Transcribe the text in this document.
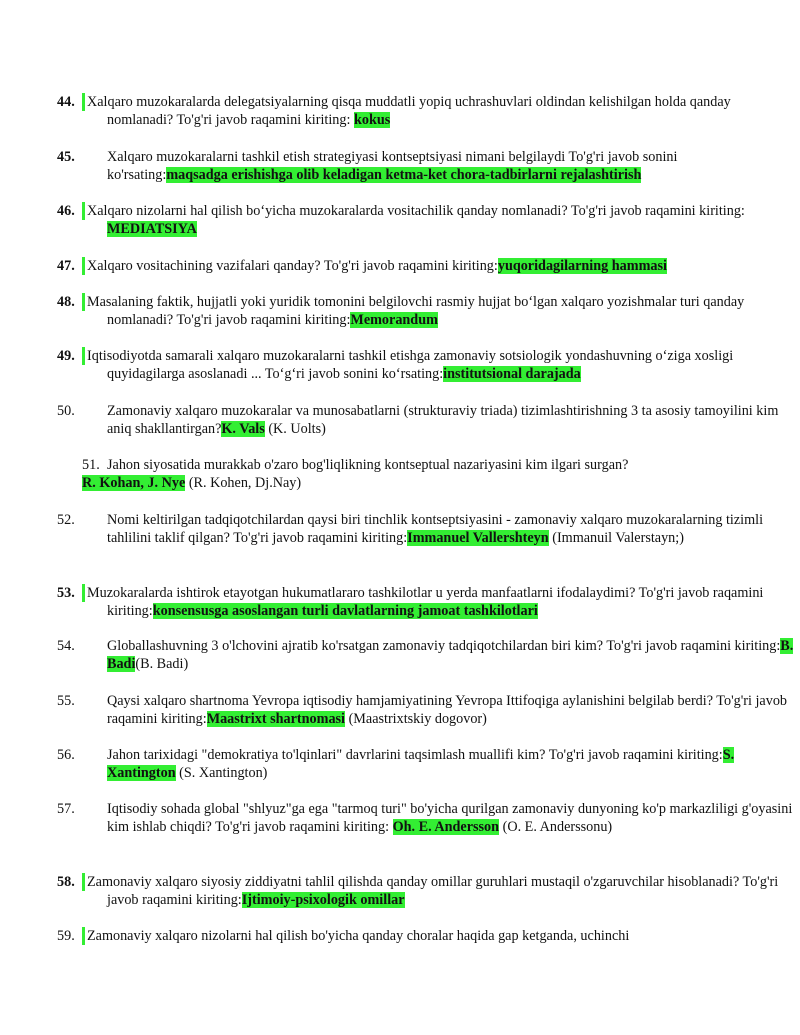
44. Xalqaro muzokaralarda delegatsiyalarning qisqa muddatli yopiq uchrashuvlari oldindan kelishilgan holda qanday nomlanadi? To'g'ri javob raqamini kiriting: kokus
45. Xalqaro muzokaralarni tashkil etish strategiyasi kontseptsiyasi nimani belgilaydi To'g'ri javob sonini ko'rsating:maqsadga erishishga olib keladigan ketma-ket chora-tadbirlarni rejalashtirish
46. Xalqaro nizolarni hal qilish bo‘yicha muzokaralarda vositachilik qanday nomlanadi? To'g'ri javob raqamini kiriting: MEDIATSIYA
47. Xalqaro vositachining vazifalari qanday? To'g'ri javob raqamini kiriting:yuqoridagilarning hammasi
48. Masalaning faktik, hujjatli yoki yuridik tomonini belgilovchi rasmiy hujjat bo‘lgan xalqaro yozishmalar turi qanday nomlanadi? To'g'ri javob raqamini kiriting:Memorandum
49. Iqtisodiyotda samarali xalqaro muzokaralarni tashkil etishga zamonaviy sotsiologik yondashuvning o‘ziga xosligi quyidagilarga asoslanadi ... To‘g‘ri javob sonini ko‘rsating:institutsional darajada
50. Zamonaviy xalqaro muzokaralar va munosabatlarni (strukturaviy triada) tizimlashtirishning 3 ta asosiy tamoyilini kim aniq shakllantirgan?K. Vals (K. Uolts)
51. Jahon siyosatida murakkab o'zaro bog'liqlikning kontseptual nazariyasini kim ilgari surgan?
R. Kohan, J. Nye (R. Kohen, Dj.Nay)
52. Nomi keltirilgan tadqiqotchilardan qaysi biri tinchlik kontseptsiyasini - zamonaviy xalqaro muzokaralarning tizimli tahlilini taklif qilgan? To'g'ri javob raqamini kiriting:Immanuel Vallershteyn (Immanuil Valerstayn;)
53. Muzokaralarda ishtirok etayotgan hukumatlararo tashkilotlar u yerda manfaatlarni ifodalaydimi? To'g'ri javob raqamini kiriting:konsensusga asoslangan turli davlatlarning jamoat tashkilotlari
54. Globallashuvning 3 o'lchovini ajratib ko'rsatgan zamonaviy tadqiqotchilardan biri kim? To'g'ri javob raqamini kiriting:B. Badi(B. Badi)
55. Qaysi xalqaro shartnoma Yevropa iqtisodiy hamjamiyatining Yevropa Ittifoqiga aylanishini belgilab berdi? To'g'ri javob raqamini kiriting:Maastrixt shartnomasi (Maastrixtskiy dogovor)
56. Jahon tarixidagi "demokratiya to'lqinlari" davrlarini taqsimlash muallifi kim? To'g'ri javob raqamini kiriting:S. Xantington (S. Xantington)
57. Iqtisodiy sohada global "shlyuz"ga ega "tarmoq turi" bo'yicha qurilgan zamonaviy dunyoning ko'p markazliligi g'oyasini kim ishlab chiqdi? To'g'ri javob raqamini kiriting: Oh. E. Andersson (O. E. Anderssonu)
58. Zamonaviy xalqaro siyosiy ziddiyatni tahlil qilishda qanday omillar guruhlari mustaqil o'zgaruvchilar hisoblanadi? To'g'ri javob raqamini kiriting:Ijtimoiy-psixologik omillar
59. Zamonaviy xalqaro nizolarni hal qilish bo'yicha qanday choralar haqida gap ketganda, uchinchi
